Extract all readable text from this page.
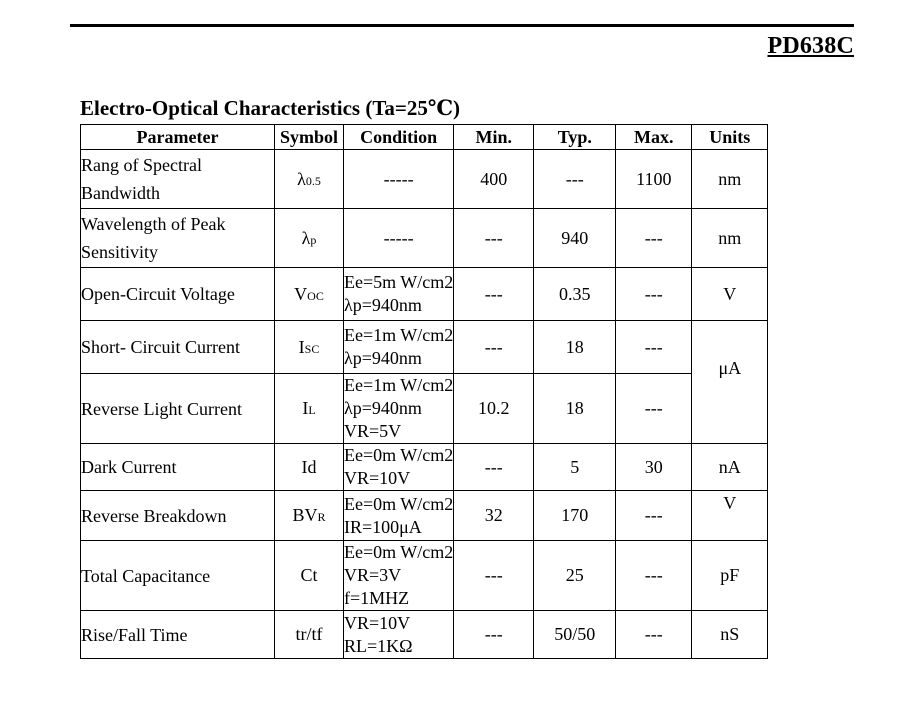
PD638C
Electro-Optical Characteristics (Ta=25℃)
Parameter	Symbol	Condition	Min.	Typ.	Max.	Units

Rang of Spectral
Bandwidth	λ0.5	-----	400	---	1100	nm

Wavelength of Peak
Sensitivity	λp	-----	---	940	---	nm

Open-Circuit Voltage	VOC	Ee=5m W/cm2
λp=940nm	---	0.35	---	V

Short- Circuit Current	ISC	Ee=1m W/cm2
λp=940nm	---	18	---	μA

Reverse Light Current	IL	Ee=1m W/cm2
λp=940nm
VR=5V	10.2	18	---	

Dark Current	Id	Ee=0m W/cm2
VR=10V	---	5	30	nA

Reverse Breakdown	BVR	Ee=0m W/cm2
IR=100μA	32	170	---	V

Total Capacitance	Ct	Ee=0m W/cm2
VR=3V
f=1MHZ	---	25	---	pF

Rise/Fall Time	tr/tf	VR=10V
RL=1KΩ	---	50/50	---	nS
